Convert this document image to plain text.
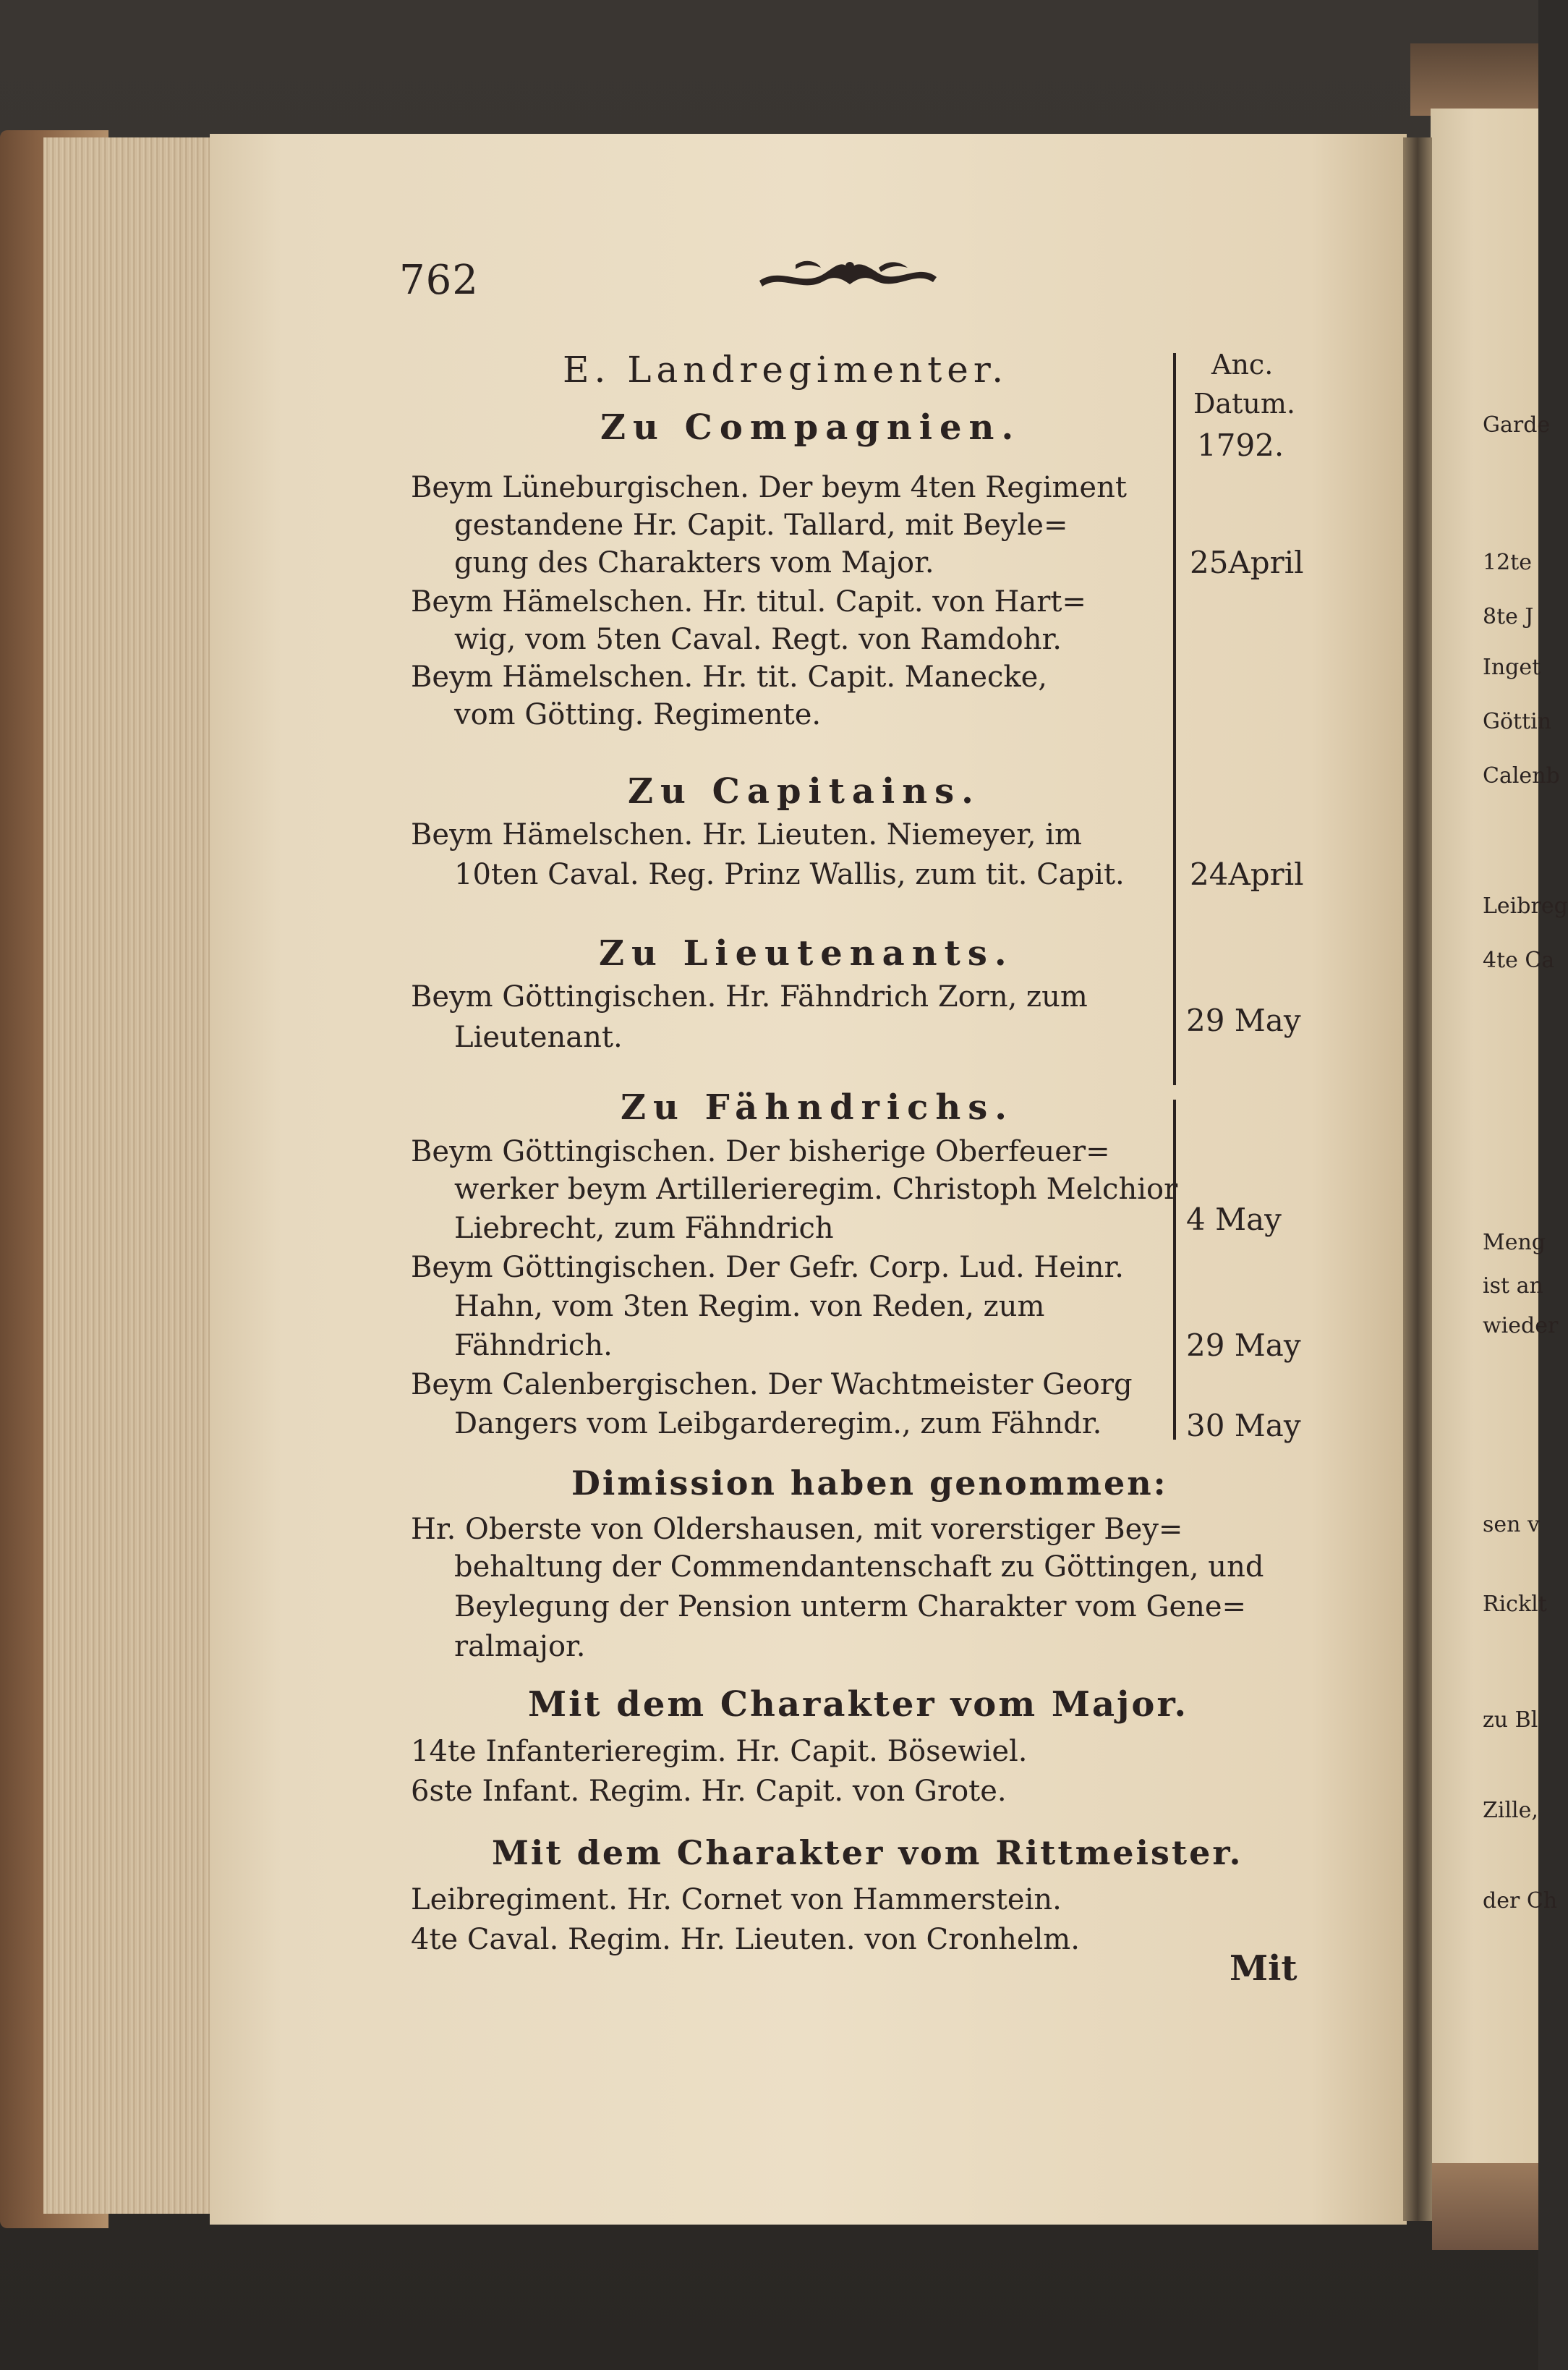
762
Anc.
Datum.
1792.
E. Landregimenter.
Zu Compagnien.
Beym Lüneburgischen. Der beym 4ten Regiment
gestandene Hr. Capit. Tallard, mit Beyle=
gung des Charakters vom Major.
Beym Hämelschen. Hr. titul. Capit. von Hart=
wig, vom 5ten Caval. Regt. von Ramdohr.
Beym Hämelschen. Hr. tit. Capit. Manecke,
vom Götting. Regimente.
25April
Zu Capitains.
Beym Hämelschen. Hr. Lieuten. Niemeyer, im
10ten Caval. Reg. Prinz Wallis, zum tit. Capit. 24April
Zu Lieutenants.
Beym Göttingischen. Hr. Fähndrich Zorn, zum
Lieutenant.	29 May
Zu Fähndrichs.
Beym Göttingischen. Der bisherige Oberfeuer=
werker beym Artillerieregim. Christoph Melchior
Liebrecht, zum Fähndrich
Beym Göttingischen. Der Gefr. Corp. Lud. Heinr.
Hahn, vom 3ten Regim. von Reden, zum
Fähndrich.
Beym Calenbergischen. Der Wachtmeister Georg
Dangers vom Leibgarderegim., zum Fähndr.
4 May
29 May
30 May
Dimission haben genommen:
Hr. Oberste von Oldershausen, mit vorerstiger Bey=
behaltung der Commendantenschaft zu Göttingen, und
Beylegung der Pension unterm Charakter vom Gene=
ralmajor.
Mit dem Charakter vom Major.
14te Infanterieregim. Hr. Capit. Bösewiel.
6ste Infant. Regim. Hr. Capit. von Grote.
Mit dem Charakter vom Rittmeister.
Leibregiment. Hr. Cornet von Hammerstein.
4te Caval. Regim. Hr. Lieuten. von Cronhelm.
Mit
Garde
12te
8te J
Inget
Göttin
Calenb
Leibreg
4te Ca
Meng
ist an
wieder
sen v
Ricklt
zu Bl
Zille,
der Ch
